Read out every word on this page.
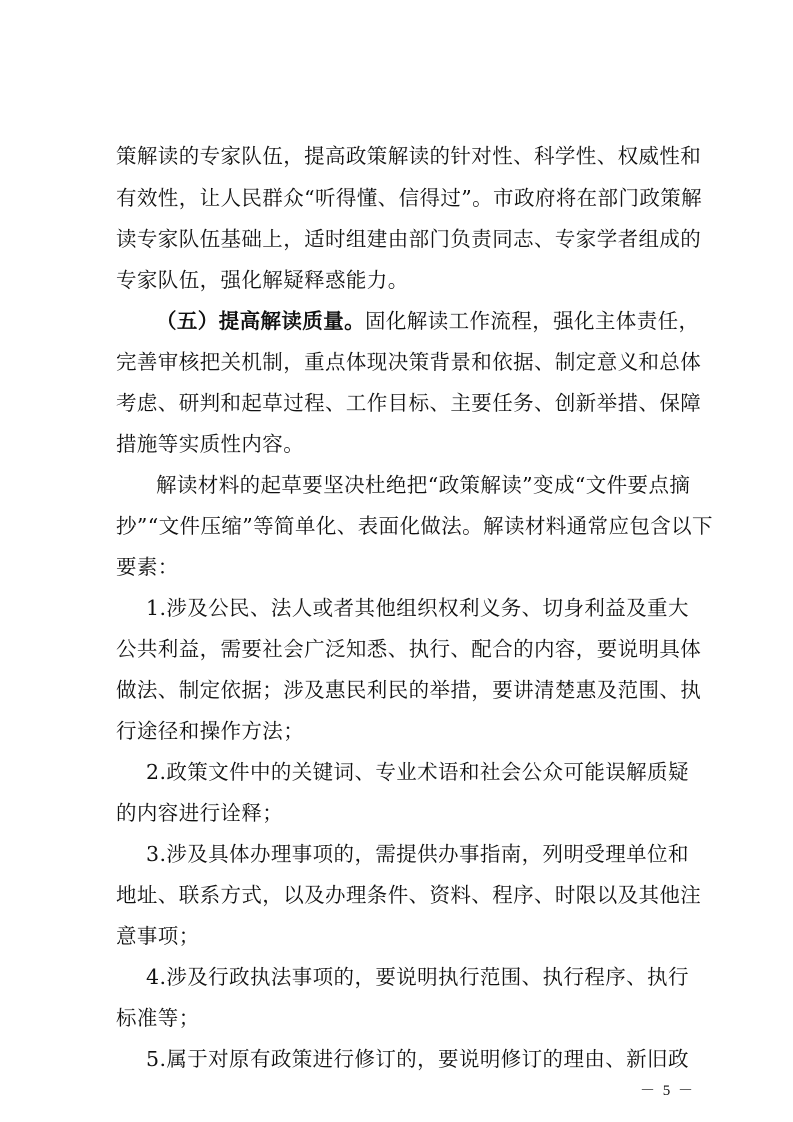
策解读的专家队伍，提高政策解读的针对性、科学性、权威性和
有效性，让人民群众“听得懂、信得过”。市政府将在部门政策解
读专家队伍基础上，适时组建由部门负责同志、专家学者组成的
专家队伍，强化解疑释惑能力。
（五）提高解读质量。固化解读工作流程，强化主体责任，
完善审核把关机制，重点体现决策背景和依据、制定意义和总体
考虑、研判和起草过程、工作目标、主要任务、创新举措、保障
措施等实质性内容。
解读材料的起草要坚决杜绝把“政策解读”变成“文件要点摘
抄”“文件压缩”等简单化、表面化做法。解读材料通常应包含以下
要素：
1.涉及公民、法人或者其他组织权利义务、切身利益及重大
公共利益，需要社会广泛知悉、执行、配合的内容，要说明具体
做法、制定依据；涉及惠民利民的举措，要讲清楚惠及范围、执
行途径和操作方法；
2.政策文件中的关键词、专业术语和社会公众可能误解质疑
的内容进行诠释；
3.涉及具体办理事项的，需提供办事指南，列明受理单位和
地址、联系方式，以及办理条件、资料、程序、时限以及其他注
意事项；
4.涉及行政执法事项的，要说明执行范围、执行程序、执行
标准等；
5.属于对原有政策进行修订的，要说明修订的理由、新旧政
－ 5 －
